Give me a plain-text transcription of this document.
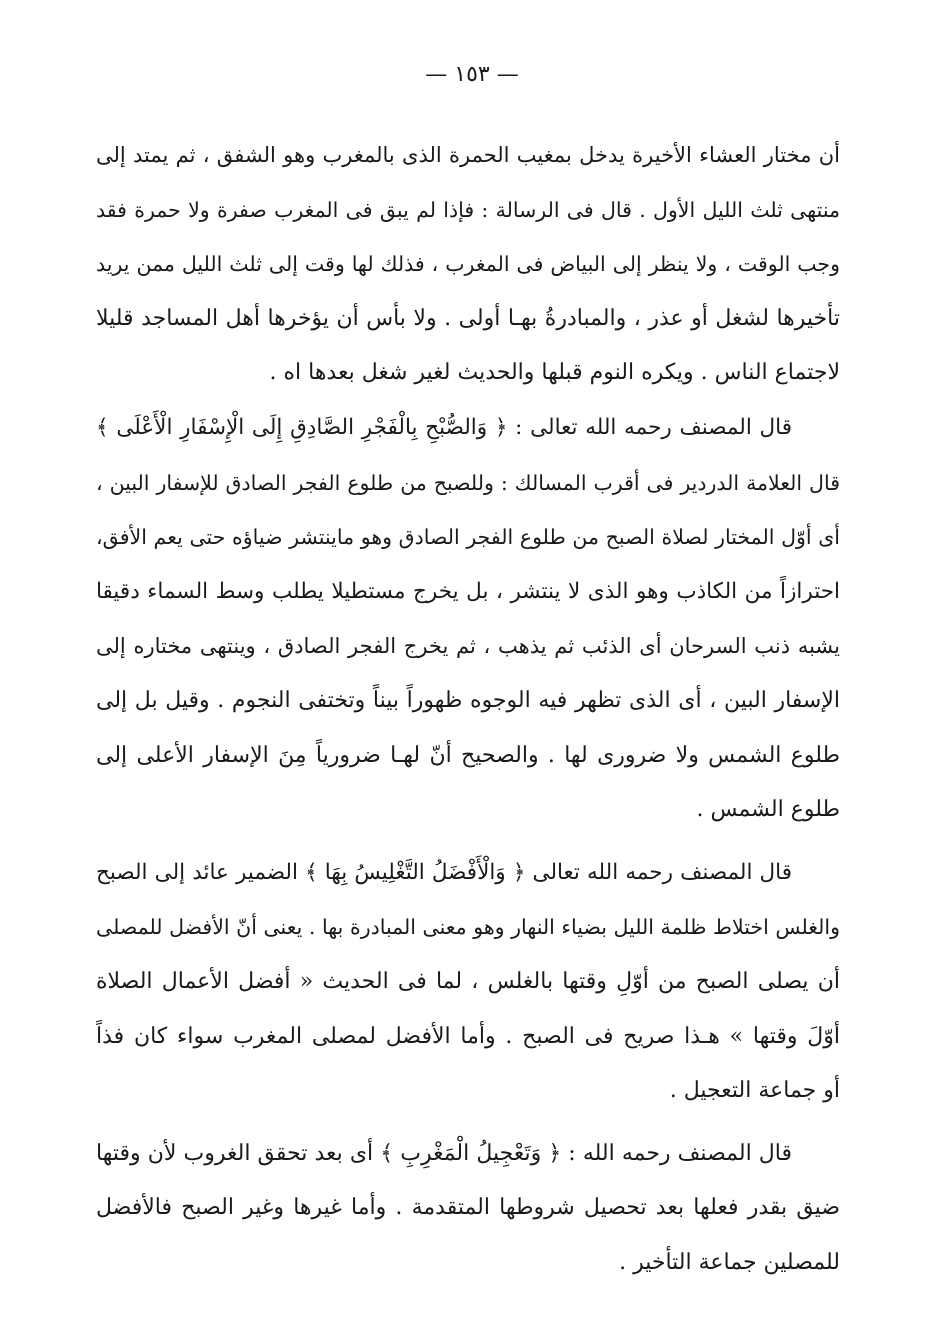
— ١٥٣ —
أن مختار العشاء الأخيرة يدخل بمغيب الحمرة الذى بالمغرب وهو الشفق ، ثم يمتد إلى
منتهى ثلث الليل الأول . قال فى الرسالة : فإذا لم يبق فى المغرب صفرة ولا حمرة فقد
وجب الوقت ، ولا ينظر إلى البياض فى المغرب ، فذلك لها وقت إلى ثلث الليل ممن يريد
تأخيرها لشغل أو عذر ، والمبادرةُ بهـا أولى . ولا بأس أن يؤخرها أهل المساجد قليلا
لاجتماع الناس . ويكره النوم قبلها والحديث لغير شغل بعدها اه .
قال المصنف رحمه الله تعالى : ﴿ وَالصُّبْحِ بِالْفَجْرِ الصَّادِقِ إِلَى الْإِسْفَارِ الْأَعْلَى ﴾
قال العلامة الدردير فى أقرب المسالك : وللصبح من طلوع الفجر الصادق للإسفار البين ،
أى أوّل المختار لصلاة الصبح من طلوع الفجر الصادق وهو ماينتشر ضياؤه حتى يعم الأفق،
احترازاً من الكاذب وهو الذى لا ينتشر ، بل يخرج مستطيلا يطلب وسط السماء دقيقا
يشبه ذنب السرحان أى الذئب ثم يذهب ، ثم يخرج الفجر الصادق ، وينتهى مختاره إلى
الإسفار البين ، أى الذى تظهر فيه الوجوه ظهوراً بيناً وتختفى النجوم . وقيل بل إلى
طلوع الشمس ولا ضرورى لها . والصحيح أنّ لهـا ضرورياً مِنَ الإسفار الأعلى إلى
طلوع الشمس .
قال المصنف رحمه الله تعالى ﴿ وَالْأَفْضَلُ التَّغْلِيسُ بِهَا ﴾ الضمير عائد إلى الصبح
والغلس اختلاط ظلمة الليل بضياء النهار وهو معنى المبادرة بها . يعنى أنّ الأفضل للمصلى
أن يصلى الصبح من أوّلِ وقتها بالغلس ، لما فى الحديث « أفضل الأعمال الصلاة
أوّلَ وقتها » هـذا صريح فى الصبح . وأما الأفضل لمصلى المغرب سواء كان فذاً
أو جماعة التعجيل .
قال المصنف رحمه الله : ﴿ وَتَعْجِيلُ الْمَغْرِبِ ﴾ أى بعد تحقق الغروب لأن وقتها
ضيق بقدر فعلها بعد تحصيل شروطها المتقدمة . وأما غيرها وغير الصبح فالأفضل
للمصلين جماعة التأخير .
